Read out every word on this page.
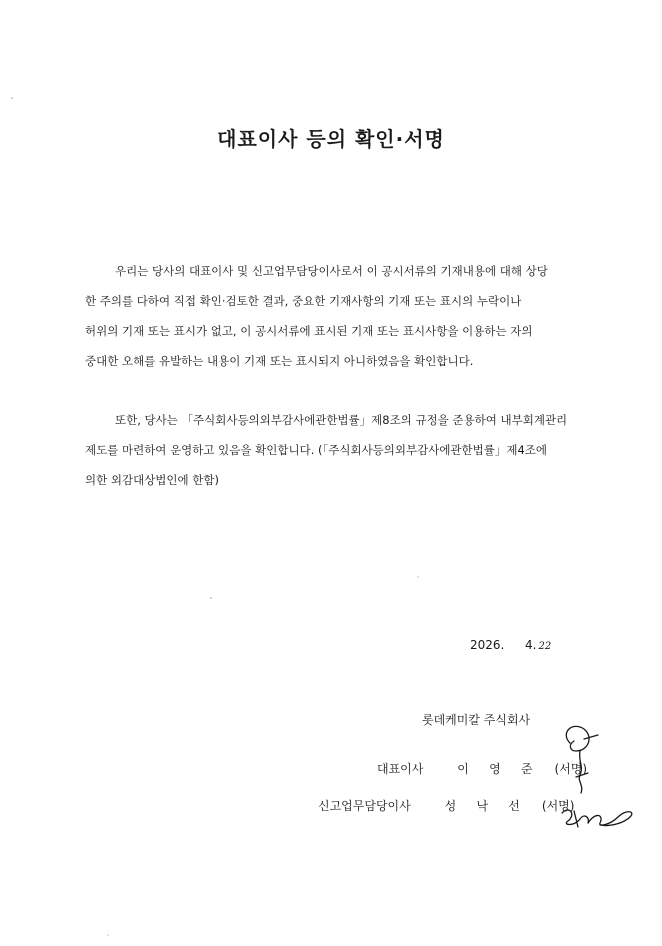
대표이사 등의 확인·서명
우리는 당사의 대표이사 및 신고업무담당이사로서 이 공시서류의 기재내용에 대해 상당
한 주의를 다하여 직접 확인·검토한 결과, 중요한 기재사항의 기재 또는 표시의 누락이나
허위의 기재 또는 표시가 없고, 이 공시서류에 표시된 기재 또는 표시사항을 이용하는 자의
중대한 오해를 유발하는 내용이 기재 또는 표시되지 아니하였음을 확인합니다.
또한, 당사는 「주식회사등의외부감사에관한법률」제8조의 규정을 준용하여 내부회계관리
제도를 마련하여 운영하고 있음을 확인합니다. (「주식회사등의외부감사에관한법률」제4조에
의한 외감대상법인에 한함)
2026. 4. 22
롯데케미칼 주식회사
대표이사	이 영 준 (서명)
신고업무담당이사	성 낙 선 (서명)
